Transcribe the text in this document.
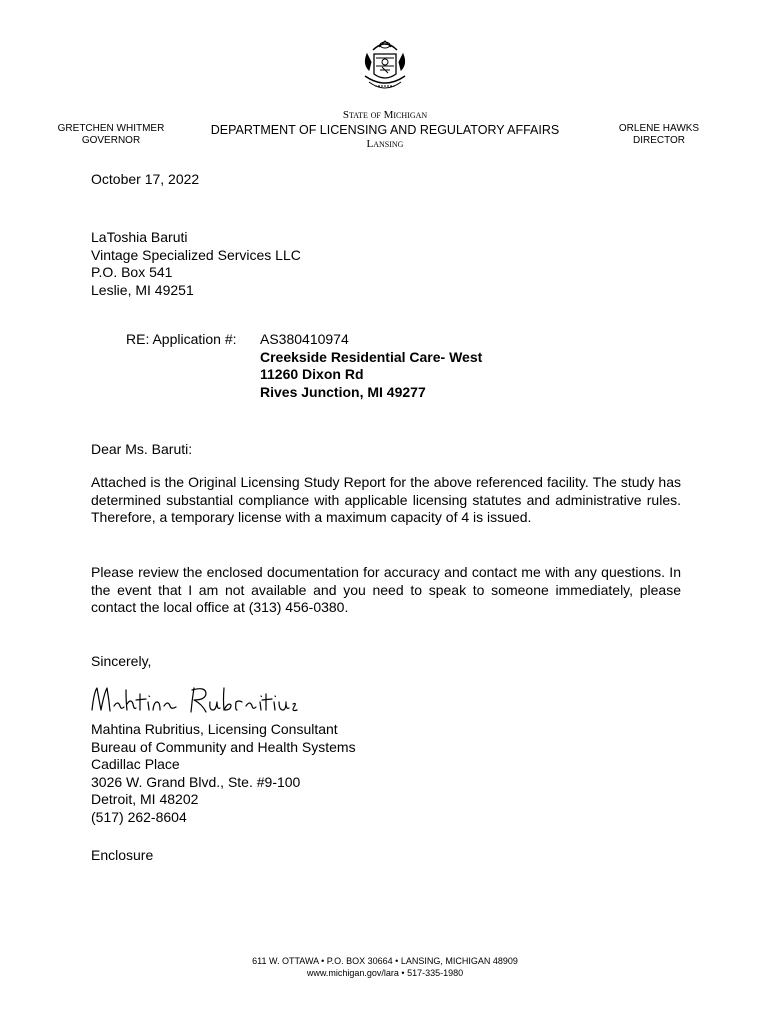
GRETCHEN WHITMER
GOVERNOR
State of Michigan
DEPARTMENT OF LICENSING AND REGULATORY AFFAIRS
Lansing
ORLENE HAWKS
DIRECTOR
October 17, 2022
LaToshia Baruti
Vintage Specialized Services LLC
P.O. Box 541
Leslie, MI 49251
RE: Application #: AS380410974
Creekside Residential Care- West
11260 Dixon Rd
Rives Junction, MI 49277
Dear Ms. Baruti:
Attached is the Original Licensing Study Report for the above referenced facility. The study has determined substantial compliance with applicable licensing statutes and administrative rules. Therefore, a temporary license with a maximum capacity of 4 is issued.
Please review the enclosed documentation for accuracy and contact me with any questions. In the event that I am not available and you need to speak to someone immediately, please contact the local office at (313) 456-0380.
Sincerely,
Mahtina Rubritius, Licensing Consultant
Bureau of Community and Health Systems
Cadillac Place
3026 W. Grand Blvd., Ste. #9-100
Detroit, MI 48202
(517) 262-8604
Enclosure
611 W. OTTAWA • P.O. BOX 30664 • LANSING, MICHIGAN 48909
www.michigan.gov/lara • 517-335-1980
